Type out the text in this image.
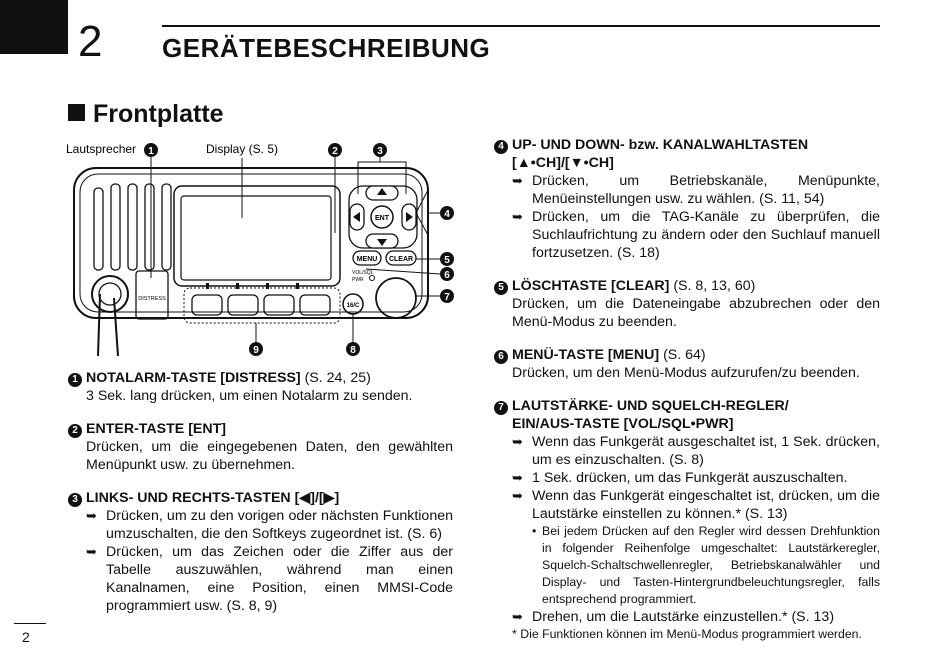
2 GERÄTEBESCHREIBUNG
Frontplatte
Lautsprecher	Display (S. 5)
1	2	3
4
5
6
7
8
9
DISTRESS
16/C
ENT
MENU CLEAR
VOL/SQL
PWR
1 NOTALARM-TASTE [DISTRESS] (S. 24, 25)
3 Sek. lang drücken, um einen Notalarm zu senden.
2 ENTER-TASTE [ENT]
Drücken, um die eingegebenen Daten, den gewählten Menüpunkt usw. zu übernehmen.
3 LINKS- UND RECHTS-TASTEN [◀]/[▶]
➥ Drücken, um zu den vorigen oder nächsten Funktionen umzuschalten, die den Softkeys zugeordnet ist. (S. 6)
➥ Drücken, um das Zeichen oder die Ziffer aus der Tabelle auszuwählen, während man einen Kanalnamen, eine Position, einen MMSI-Code programmiert usw. (S. 8, 9)
4 UP- UND DOWN- bzw. KANALWAHLTASTEN
[▲•CH]/[▼•CH]
➥ Drücken, um Betriebskanäle, Menüpunkte, Menüeinstellungen usw. zu wählen. (S. 11, 54)
➥ Drücken, um die TAG-Kanäle zu überprüfen, die Suchlaufrichtung zu ändern oder den Suchlauf manuell fortzusetzen. (S. 18)
5 LÖSCHTASTE [CLEAR] (S. 8, 13, 60)
Drücken, um die Dateneingabe abzubrechen oder den Menü-Modus zu beenden.
6 MENÜ-TASTE [MENU] (S. 64)
Drücken, um den Menü-Modus aufzurufen/zu beenden.
7 LAUTSTÄRKE- UND SQUELCH-REGLER/
EIN/AUS-TASTE [VOL/SQL•PWR]
➥ Wenn das Funkgerät ausgeschaltet ist, 1 Sek. drücken, um es einzuschalten. (S. 8)
➥ 1 Sek. drücken, um das Funkgerät auszuschalten.
➥ Wenn das Funkgerät eingeschaltet ist, drücken, um die Lautstärke einstellen zu können.* (S. 13)
• Bei jedem Drücken auf den Regler wird dessen Drehfunktion in folgender Reihenfolge umgeschaltet: Lautstärkeregler, Squelch-Schaltschwellenregler, Betriebskanalwähler und Display- und Tasten-Hintergrundbeleuchtungsregler, falls entsprechend programmiert.
➥ Drehen, um die Lautstärke einzustellen.* (S. 13)
* Die Funktionen können im Menü-Modus programmiert werden.
2
